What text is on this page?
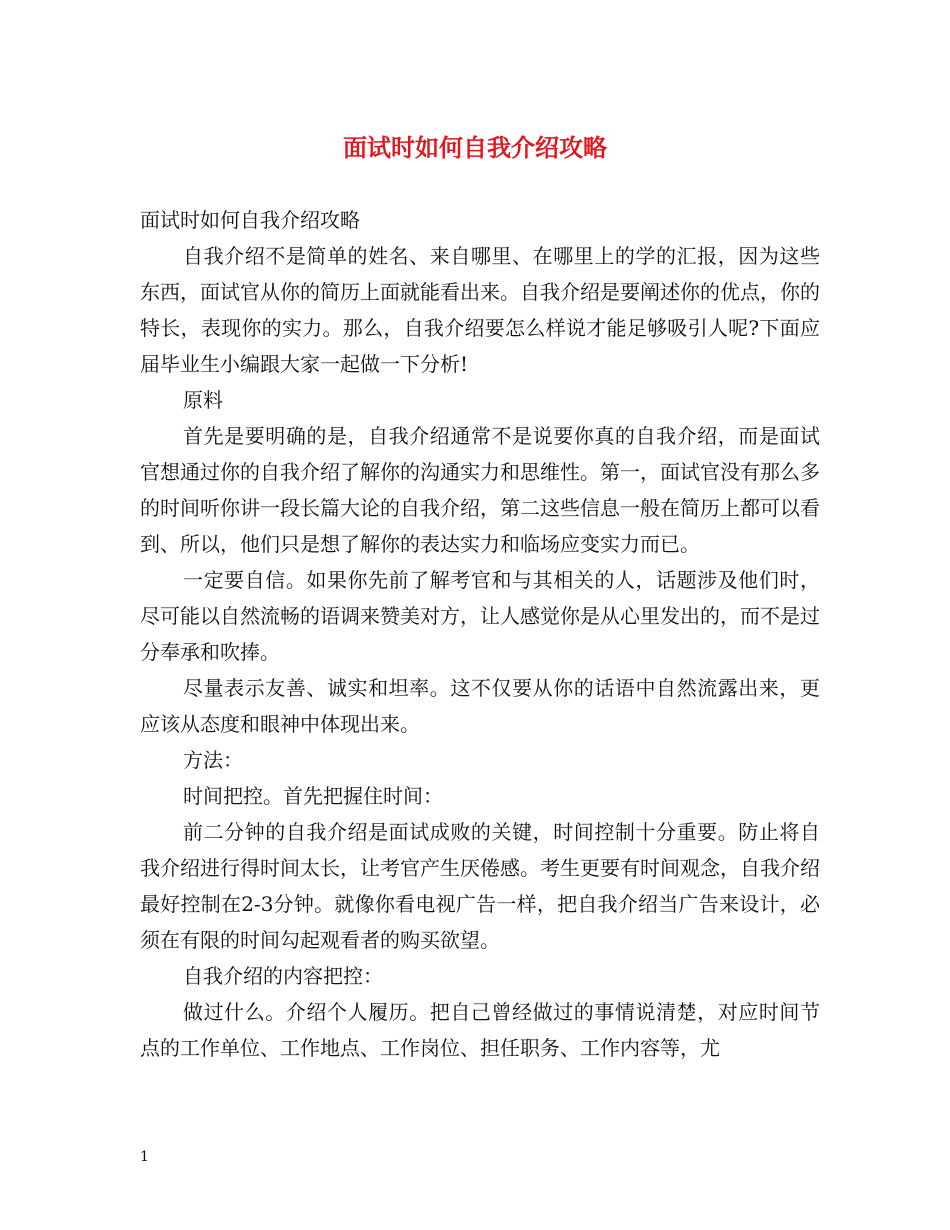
面试时如何自我介绍攻略

面试时如何自我介绍攻略

自我介绍不是简单的姓名、来自哪里、在哪里上的学的汇报，因为这些东西，面试官从你的简历上面就能看出来。自我介绍是要阐述你的优点，你的特长，表现你的实力。那么，自我介绍要怎么样说才能足够吸引人呢?下面应届毕业生小编跟大家一起做一下分析!

原料

首先是要明确的是，自我介绍通常不是说要你真的自我介绍，而是面试官想通过你的自我介绍了解你的沟通实力和思维性。第一，面试官没有那么多的时间听你讲一段长篇大论的自我介绍，第二这些信息一般在简历上都可以看到、所以，他们只是想了解你的表达实力和临场应变实力而已。

一定要自信。如果你先前了解考官和与其相关的人，话题涉及他们时，尽可能以自然流畅的语调来赞美对方，让人感觉你是从心里发出的，而不是过分奉承和吹捧。

尽量表示友善、诚实和坦率。这不仅要从你的话语中自然流露出来，更应该从态度和眼神中体现出来。

方法：

时间把控。首先把握住时间：

前二分钟的自我介绍是面试成败的关键，时间控制十分重要。防止将自我介绍进行得时间太长，让考官产生厌倦感。考生更要有时间观念，自我介绍最好控制在2-3分钟。就像你看电视广告一样，把自我介绍当广告来设计，必须在有限的时间勾起观看者的购买欲望。

自我介绍的内容把控：

做过什么。介绍个人履历。把自己曾经做过的事情说清楚，对应时间节点的工作单位、工作地点、工作岗位、担任职务、工作内容等，尤

1
